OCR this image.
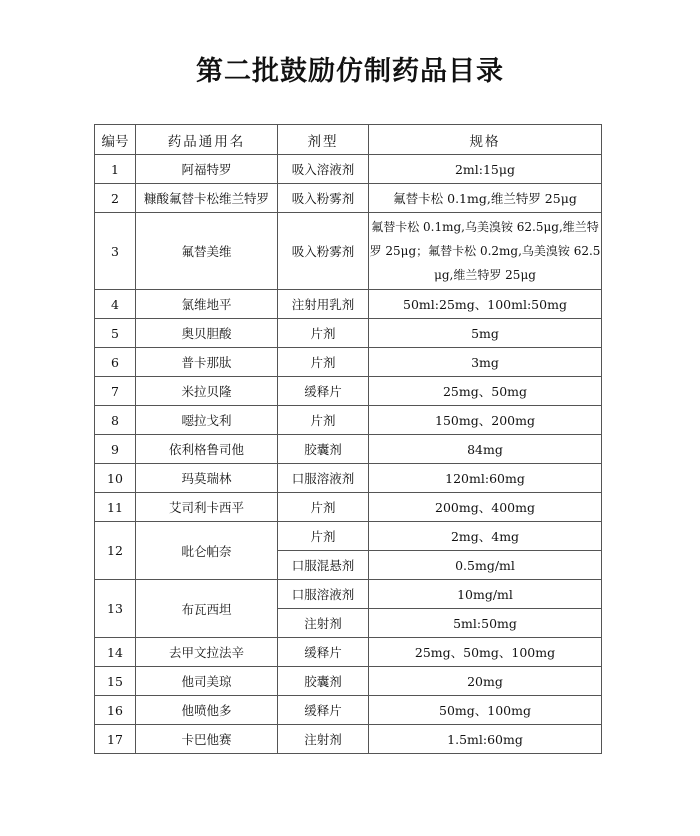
第二批鼓励仿制药品目录
编号	药品通用名	剂型	规格
1	阿福特罗	吸入溶液剂	2ml:15μg
2	糠酸氟替卡松维兰特罗	吸入粉雾剂	氟替卡松 0.1mg,维兰特罗 25μg
3	氟替美维	吸入粉雾剂	氟替卡松 0.1mg,乌美溴铵 62.5μg,维兰特罗 25μg；氟替卡松 0.2mg,乌美溴铵 62.5μg,维兰特罗 25μg
4	氯维地平	注射用乳剂	50ml:25mg、100ml:50mg
5	奥贝胆酸	片剂	5mg
6	普卡那肽	片剂	3mg
7	米拉贝隆	缓释片	25mg、50mg
8	噁拉戈利	片剂	150mg、200mg
9	依利格鲁司他	胶囊剂	84mg
10	玛莫瑞林	口服溶液剂	120ml:60mg
11	艾司利卡西平	片剂	200mg、400mg
12	吡仑帕奈	片剂	2mg、4mg
		口服混悬剂	0.5mg/ml
13	布瓦西坦	口服溶液剂	10mg/ml
		注射剂	5ml:50mg
14	去甲文拉法辛	缓释片	25mg、50mg、100mg
15	他司美琼	胶囊剂	20mg
16	他喷他多	缓释片	50mg、100mg
17	卡巴他赛	注射剂	1.5ml:60mg
